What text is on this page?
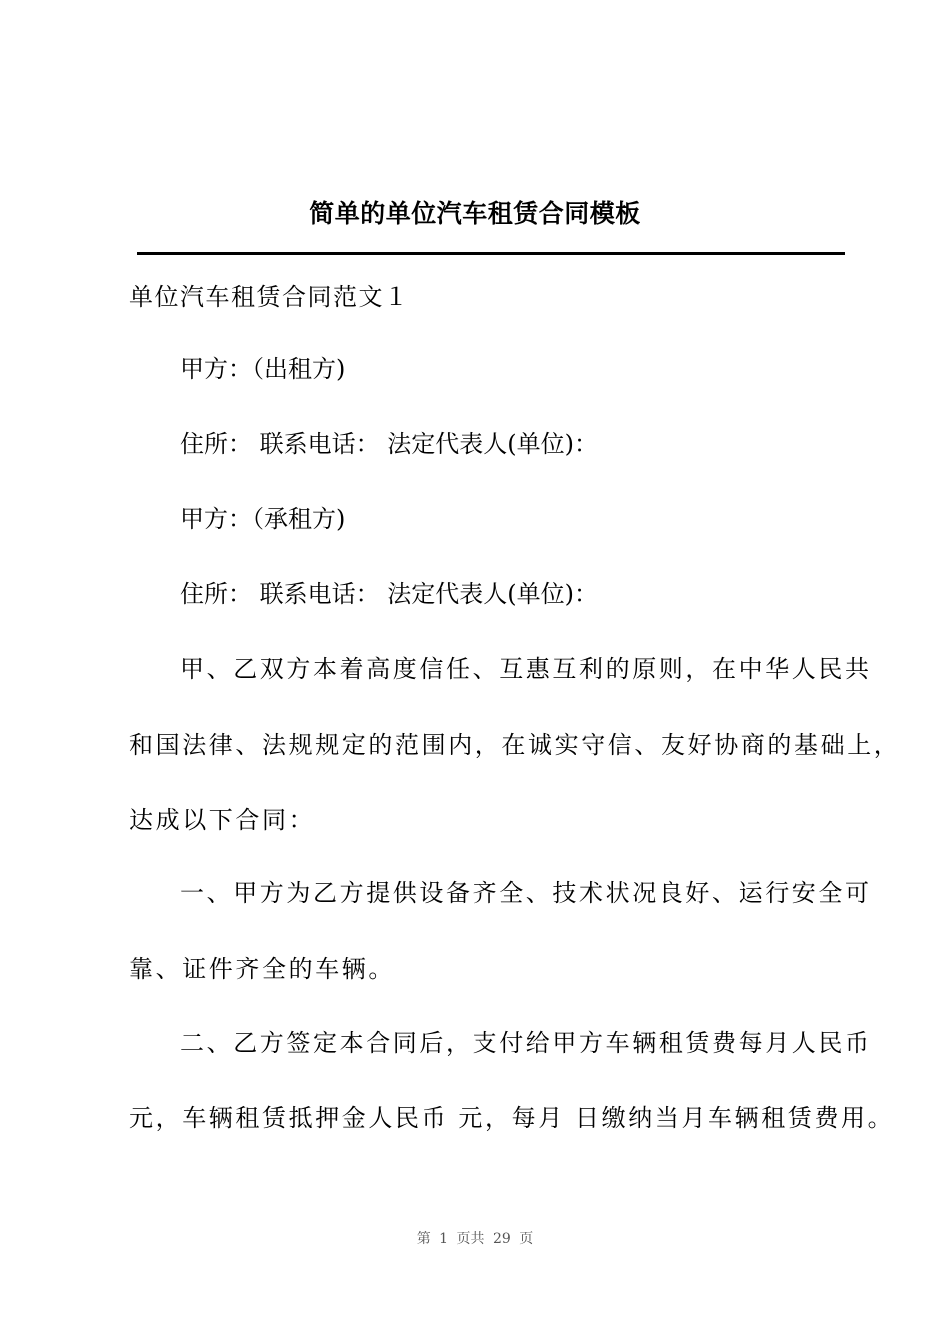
简单的单位汽车租赁合同模板
单位汽车租赁合同范文１
甲方：（出租方)
住所： 联系电话： 法定代表人(单位)：
甲方：（承租方)
住所： 联系电话： 法定代表人(单位)：
甲、乙双方本着高度信任、互惠互利的原则，在中华人民共
和国法律、法规规定的范围内，在诚实守信、友好协商的基础上，
达成以下合同：
一、甲方为乙方提供设备齐全、技术状况良好、运行安全可
靠、证件齐全的车辆。
二、乙方签定本合同后，支付给甲方车辆租赁费每月人民币
元，车辆租赁抵押金人民币 元，每月 日缴纳当月车辆租赁费用。
第 1 页共 29 页
